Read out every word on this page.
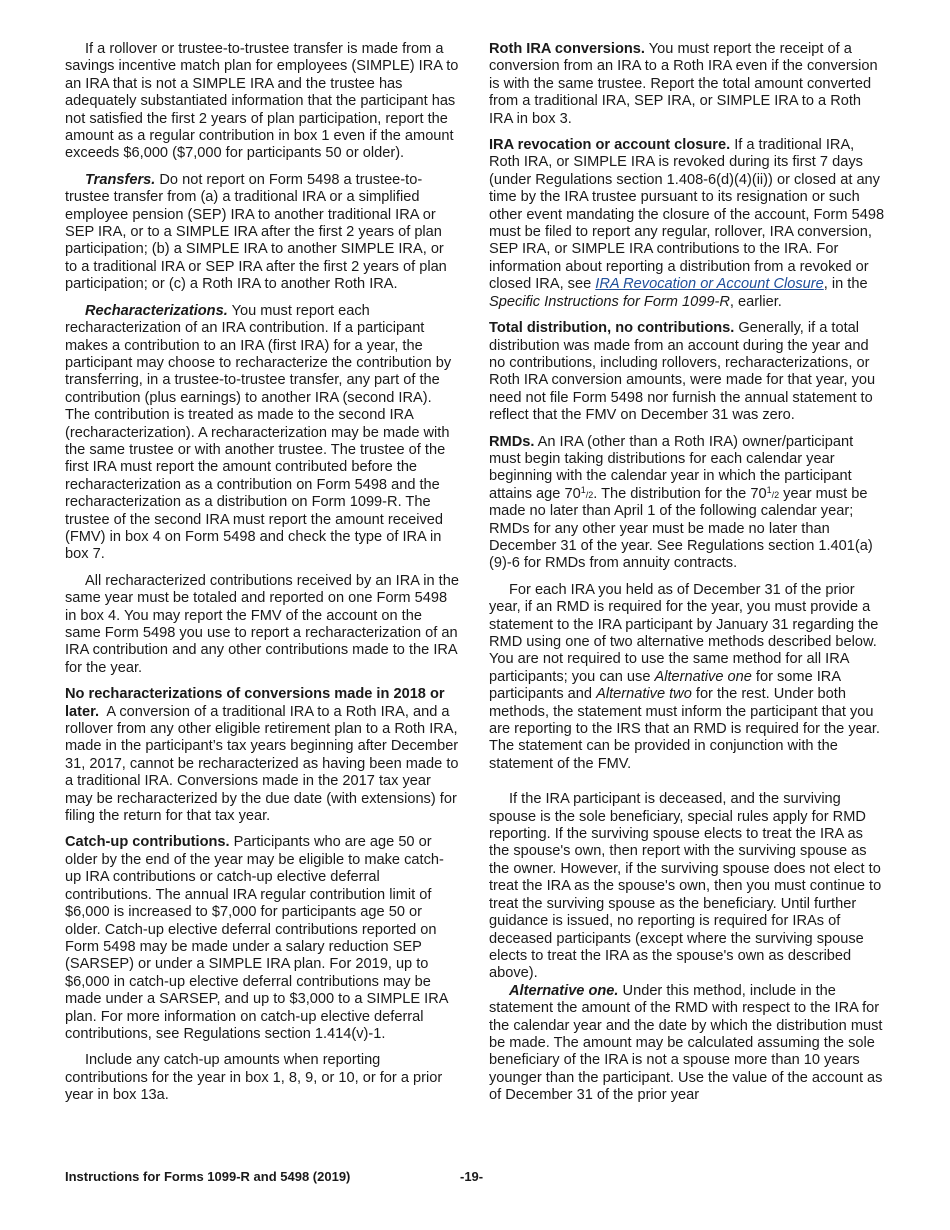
If a rollover or trustee-to-trustee transfer is made from a savings incentive match plan for employees (SIMPLE) IRA to an IRA that is not a SIMPLE IRA and the trustee has adequately substantiated information that the participant has not satisfied the first 2 years of plan participation, report the amount as a regular contribution in box 1 even if the amount exceeds $6,000 ($7,000 for participants 50 or older).

Transfers. Do not report on Form 5498 a trustee-to-trustee transfer from (a) a traditional IRA or a simplified employee pension (SEP) IRA to another traditional IRA or SEP IRA, or to a SIMPLE IRA after the first 2 years of plan participation; (b) a SIMPLE IRA to another SIMPLE IRA, or to a traditional IRA or SEP IRA after the first 2 years of plan participation; or (c) a Roth IRA to another Roth IRA.

Recharacterizations. You must report each recharacterization of an IRA contribution. If a participant makes a contribution to an IRA (first IRA) for a year, the participant may choose to recharacterize the contribution by transferring, in a trustee-to-trustee transfer, any part of the contribution (plus earnings) to another IRA (second IRA). The contribution is treated as made to the second IRA (recharacterization). A recharacterization may be made with the same trustee or with another trustee. The trustee of the first IRA must report the amount contributed before the recharacterization as a contribution on Form 5498 and the recharacterization as a distribution on Form 1099-R. The trustee of the second IRA must report the amount received (FMV) in box 4 on Form 5498 and check the type of IRA in box 7.

All recharacterized contributions received by an IRA in the same year must be totaled and reported on one Form 5498 in box 4. You may report the FMV of the account on the same Form 5498 you use to report a recharacterization of an IRA contribution and any other contributions made to the IRA for the year.

No recharacterizations of conversions made in 2018 or later. A conversion of a traditional IRA to a Roth IRA, and a rollover from any other eligible retirement plan to a Roth IRA, made in the participant’s tax years beginning after December 31, 2017, cannot be recharacterized as having been made to a traditional IRA. Conversions made in the 2017 tax year may be recharacterized by the due date (with extensions) for filing the return for that tax year.

Catch-up contributions. Participants who are age 50 or older by the end of the year may be eligible to make catch-up IRA contributions or catch-up elective deferral contributions. The annual IRA regular contribution limit of $6,000 is increased to $7,000 for participants age 50 or older. Catch-up elective deferral contributions reported on Form 5498 may be made under a salary reduction SEP (SARSEP) or under a SIMPLE IRA plan. For 2019, up to $6,000 in catch-up elective deferral contributions may be made under a SARSEP, and up to $3,000 to a SIMPLE IRA plan. For more information on catch-up elective deferral contributions, see Regulations section 1.414(v)-1.

Include any catch-up amounts when reporting contributions for the year in box 1, 8, 9, or 10, or for a prior year in box 13a.

Roth IRA conversions. You must report the receipt of a conversion from an IRA to a Roth IRA even if the conversion is with the same trustee. Report the total amount converted from a traditional IRA, SEP IRA, or SIMPLE IRA to a Roth IRA in box 3.

IRA revocation or account closure. If a traditional IRA, Roth IRA, or SIMPLE IRA is revoked during its first 7 days (under Regulations section 1.408-6(d)(4)(ii)) or closed at any time by the IRA trustee pursuant to its resignation or such other event mandating the closure of the account, Form 5498 must be filed to report any regular, rollover, IRA conversion, SEP IRA, or SIMPLE IRA contributions to the IRA. For information about reporting a distribution from a revoked or closed IRA, see IRA Revocation or Account Closure, in the Specific Instructions for Form 1099-R, earlier.

Total distribution, no contributions. Generally, if a total distribution was made from an account during the year and no contributions, including rollovers, recharacterizations, or Roth IRA conversion amounts, were made for that year, you need not file Form 5498 nor furnish the annual statement to reflect that the FMV on December 31 was zero.

RMDs. An IRA (other than a Roth IRA) owner/participant must begin taking distributions for each calendar year beginning with the calendar year in which the participant attains age $70^1/2$. The distribution for the $70^1/2$ year must be made no later than April 1 of the following calendar year; RMDs for any other year must be made no later than December 31 of the year. See Regulations section 1.401(a)(9)-6 for RMDs from annuity contracts.

For each IRA you held as of December 31 of the prior year, if an RMD is required for the year, you must provide a statement to the IRA participant by January 31 regarding the RMD using one of two alternative methods described below. You are not required to use the same method for all IRA participants; you can use Alternative one for some IRA participants and Alternative two for the rest. Under both methods, the statement must inform the participant that you are reporting to the IRS that an RMD is required for the year. The statement can be provided in conjunction with the statement of the FMV.

If the IRA participant is deceased, and the surviving spouse is the sole beneficiary, special rules apply for RMD reporting. If the surviving spouse elects to treat the IRA as the spouse's own, then report with the surviving spouse as the owner. However, if the surviving spouse does not elect to treat the IRA as the spouse's own, then you must continue to treat the surviving spouse as the beneficiary. Until further guidance is issued, no reporting is required for IRAs of deceased participants (except where the surviving spouse elects to treat the IRA as the spouse's own as described above).

Alternative one. Under this method, include in the statement the amount of the RMD with respect to the IRA for the calendar year and the date by which the distribution must be made. The amount may be calculated assuming the sole beneficiary of the IRA is not a spouse more than 10 years younger than the participant. Use the value of the account as of December 31 of the prior year

Instructions for Forms 1099-R and 5498 (2019)	-19-
